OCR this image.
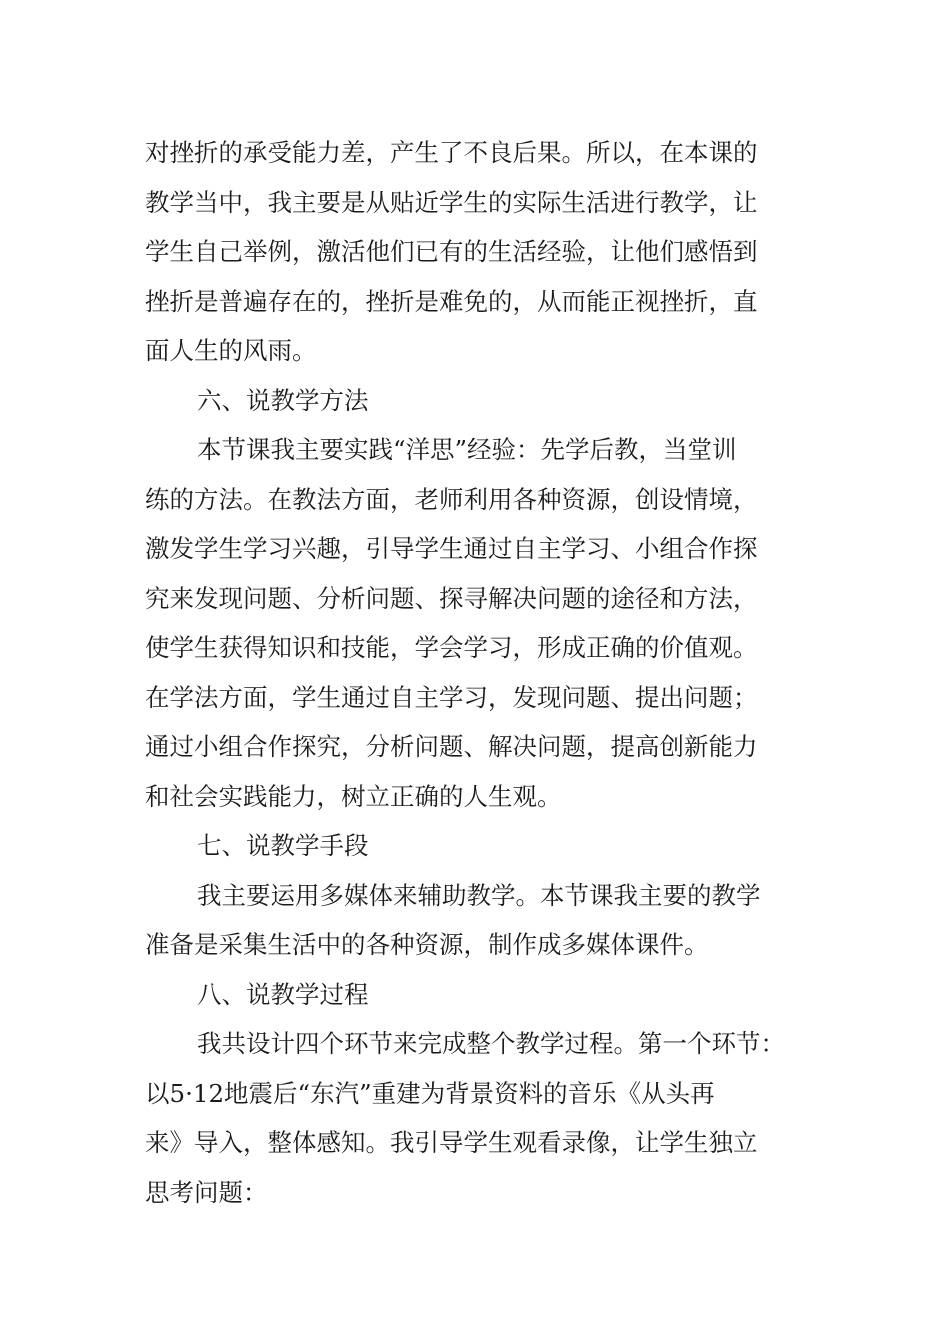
对挫折的承受能力差，产生了不良后果。所以，在本课的
教学当中，我主要是从贴近学生的实际生活进行教学，让
学生自己举例，激活他们已有的生活经验，让他们感悟到
挫折是普遍存在的，挫折是难免的，从而能正视挫折，直
面人生的风雨。
六、说教学方法
本节课我主要实践“洋思”经验：先学后教，当堂训
练的方法。在教法方面，老师利用各种资源，创设情境，
激发学生学习兴趣，引导学生通过自主学习、小组合作探
究来发现问题、分析问题、探寻解决问题的途径和方法，
使学生获得知识和技能，学会学习，形成正确的价值观。
在学法方面，学生通过自主学习，发现问题、提出问题；
通过小组合作探究，分析问题、解决问题，提高创新能力
和社会实践能力，树立正确的人生观。
七、说教学手段
我主要运用多媒体来辅助教学。本节课我主要的教学
准备是采集生活中的各种资源，制作成多媒体课件。
八、说教学过程
我共设计四个环节来完成整个教学过程。第一个环节：
以5·12地震后“东汽”重建为背景资料的音乐《从头再
来》导入，整体感知。我引导学生观看录像，让学生独立
思考问题：
